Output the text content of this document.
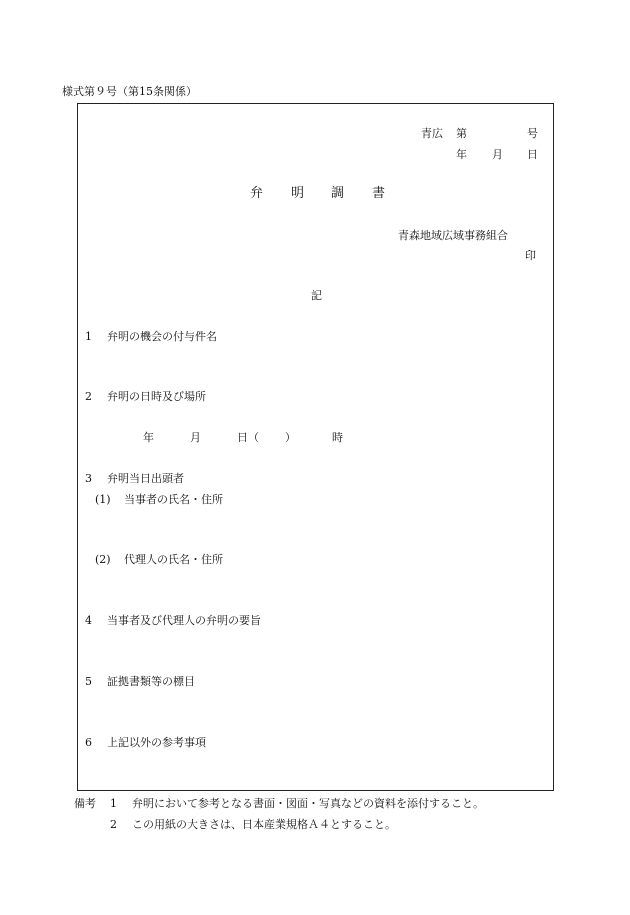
様式第９号（第15条関係）
青広 第	号
年 月 日
弁 明 調 書
青森地域広域事務組合
印
記
1 弁明の機会の付与件名
2 弁明の日時及び場所
年	月	日（ ）	時
3 弁明当日出頭者
(1) 当事者の氏名・住所
(2) 代理人の氏名・住所
4 当事者及び代理人の弁明の要旨
5 証拠書類等の標目
6 上記以外の参考事項
備考 1 弁明において参考となる書面・図面・写真などの資料を添付すること。
2 この用紙の大きさは、日本産業規格Ａ４とすること。
